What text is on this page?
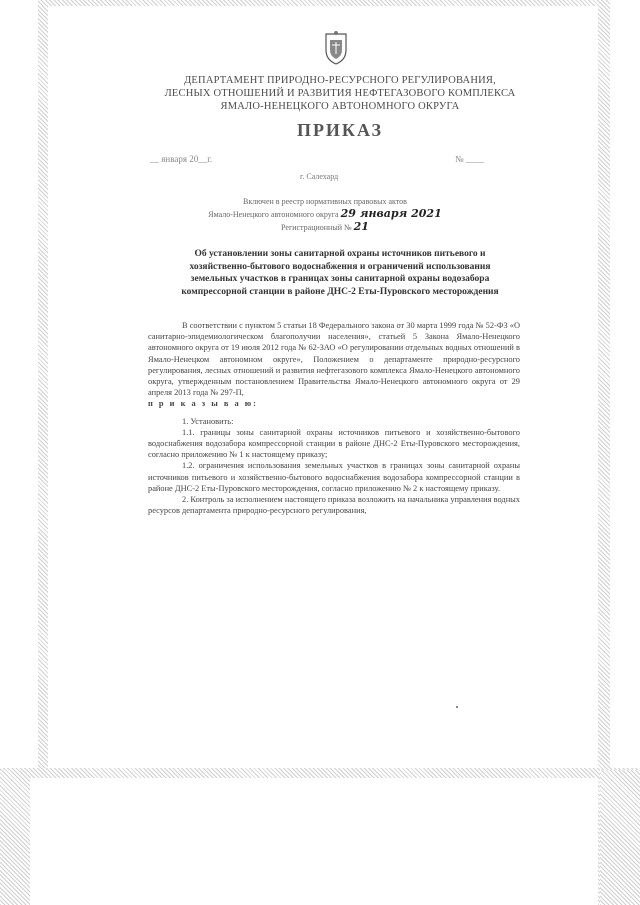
ДЕПАРТАМЕНТ ПРИРОДНО-РЕСУРСНОГО РЕГУЛИРОВАНИЯ,
ЛЕСНЫХ ОТНОШЕНИЙ И РАЗВИТИЯ НЕФТЕГАЗОВОГО КОМПЛЕКСА
ЯМАЛО-НЕНЕЦКОГО АВТОНОМНОГО ОКРУГА
ПРИКАЗ
__ января 20__г.	№ ____
г. Салехард
Включен в реестр нормативных правовых актов
Ямало-Ненецкого автономного округа 29 января 2021
Регистрационный № 21
Об установлении зоны санитарной охраны источников питьевого и
хозяйственно-бытового водоснабжения и ограничений использования
земельных участков в границах зоны санитарной охраны водозабора
компрессорной станции в районе ДНС-2 Еты-Пуровского месторождения

В соответствии с пунктом 5 статьи 18 Федерального закона от 30 марта 1999 года № 52-ФЗ «О санитарно-эпидемиологическом благополучии населения», статьей 5 Закона Ямало-Ненецкого автономного округа от 19 июля 2012 года № 62-ЗАО «О регулировании отдельных водных отношений в Ямало-Ненецком автономном округе», Положением о департаменте природно-ресурсного регулирования, лесных отношений и развития нефтегазового комплекса Ямало-Ненецкого автономного округа, утвержденным постановлением Правительства Ямало-Ненецкого автономного округа от 29 апреля 2013 года № 297-П,

п р и к а з ы в а ю:

1. Установить:

1.1. границы зоны санитарной охраны источников питьевого и хозяйственно-бытового водоснабжения водозабора компрессорной станции в районе ДНС-2 Еты-Пуровского месторождения, согласно приложению № 1 к настоящему приказу;

1.2. ограничения использования земельных участков в границах зоны санитарной охраны источников питьевого и хозяйственно-бытового водоснабжения водозабора компрессорной станции в районе ДНС-2 Еты-Пуровского месторождения, согласно приложению № 2 к настоящему приказу.

2. Контроль за исполнением настоящего приказа возложить на начальника управления водных ресурсов департамента природно-ресурсного регулирования,
